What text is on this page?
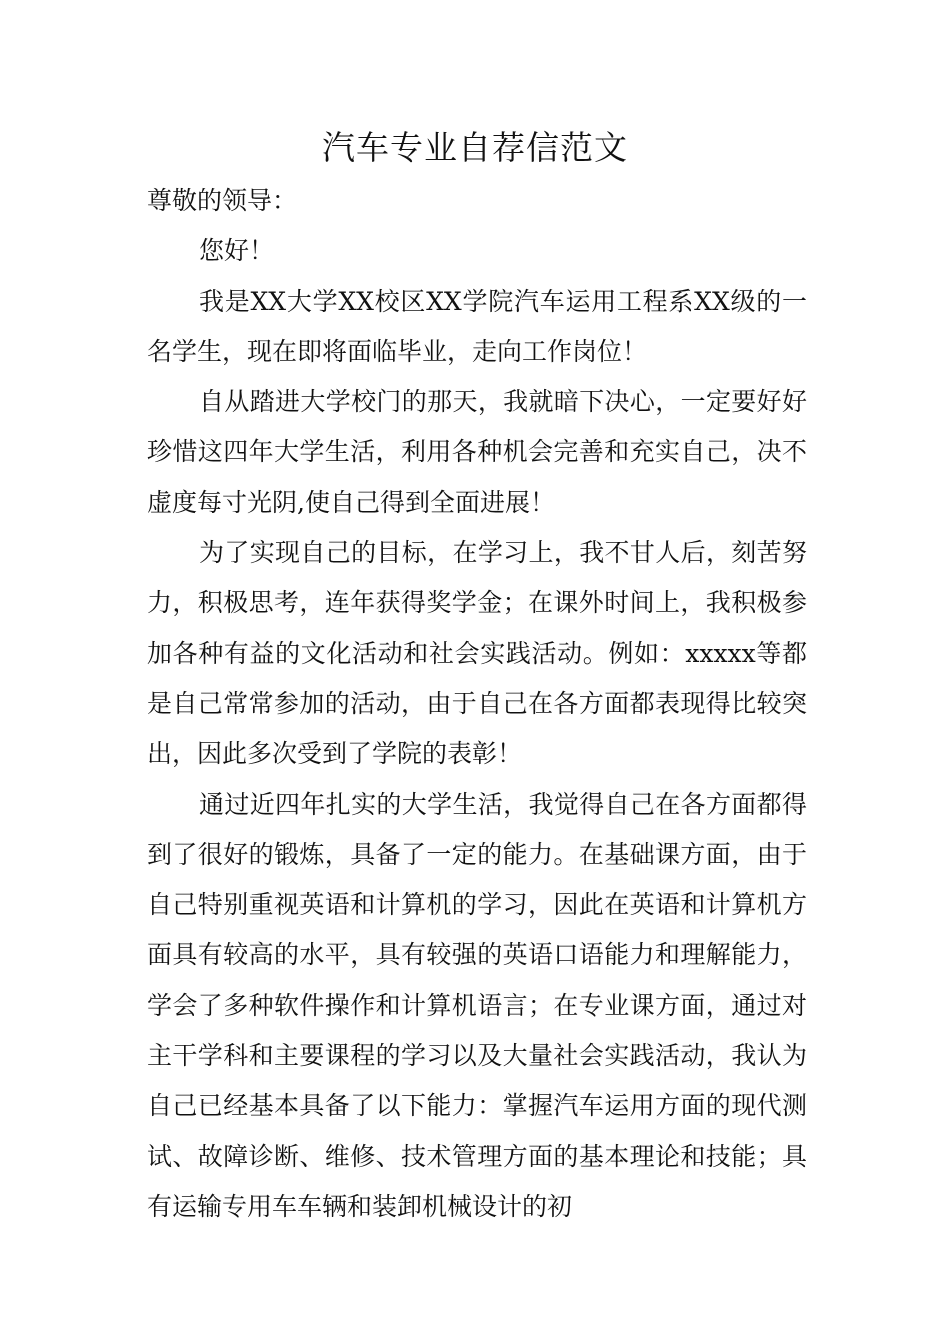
汽车专业自荐信范文

尊敬的领导：

您好！

我是XX大学XX校区XX学院汽车运用工程系XX级的一名学生，现在即将面临毕业，走向工作岗位！

自从踏进大学校门的那天，我就暗下决心，一定要好好珍惜这四年大学生活，利用各种机会完善和充实自己，决不虚度每寸光阴,使自己得到全面进展！

为了实现自己的目标，在学习上，我不甘人后，刻苦努力，积极思考，连年获得奖学金；在课外时间上，我积极参加各种有益的文化活动和社会实践活动。例如：xxxxx等都是自己常常参加的活动，由于自己在各方面都表现得比较突出，因此多次受到了学院的表彰！

通过近四年扎实的大学生活，我觉得自己在各方面都得到了很好的锻炼，具备了一定的能力。在基础课方面，由于自己特别重视英语和计算机的学习，因此在英语和计算机方面具有较高的水平，具有较强的英语口语能力和理解能力，学会了多种软件操作和计算机语言；在专业课方面，通过对主干学科和主要课程的学习以及大量社会实践活动，我认为自己已经基本具备了以下能力：掌握汽车运用方面的现代测试、故障诊断、维修、技术管理方面的基本理论和技能；具有运输专用车车辆和装卸机械设计的初
